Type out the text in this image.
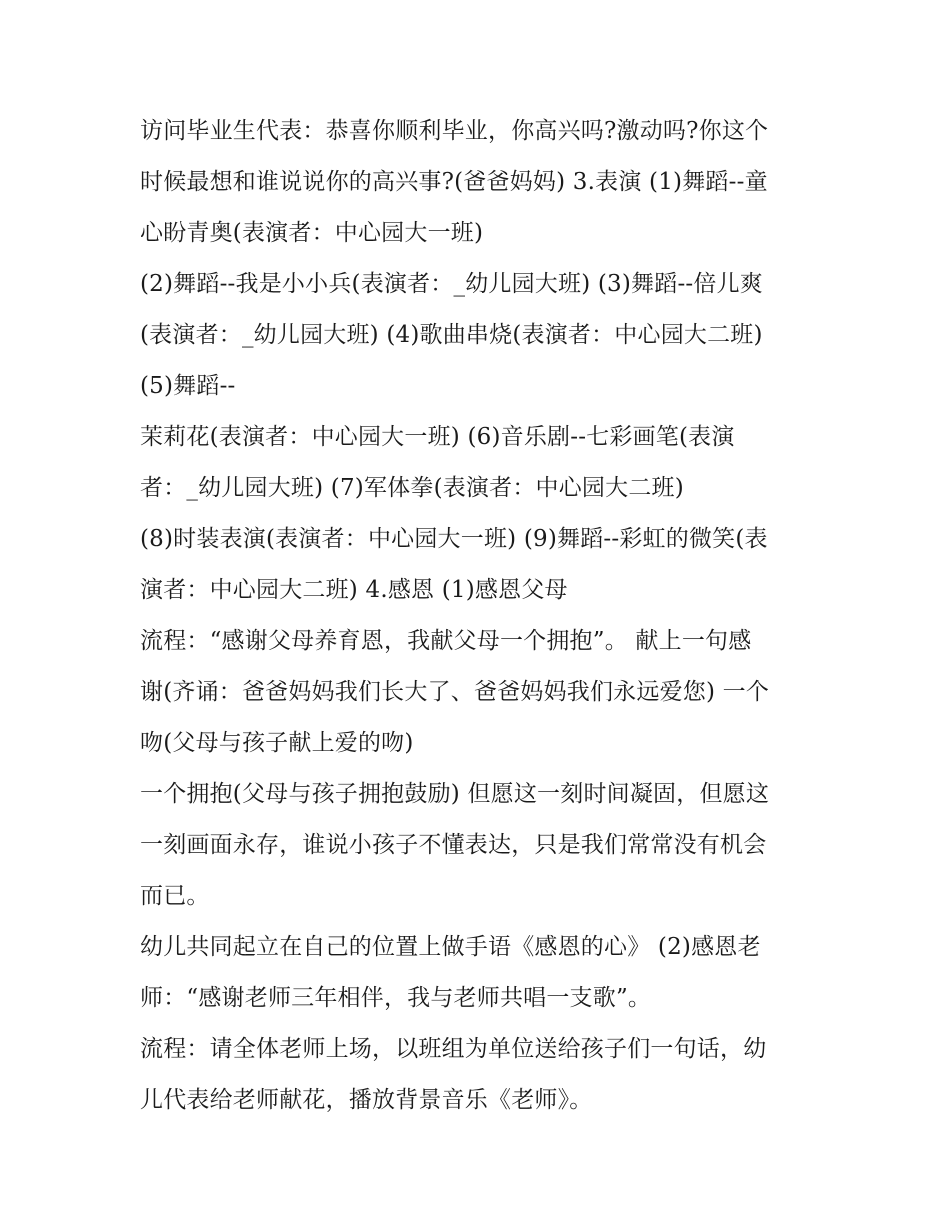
访问毕业生代表：恭喜你顺利毕业，你高兴吗?激动吗?你这个
时候最想和谁说说你的高兴事?(爸爸妈妈) 3.表演 (1)舞蹈--童
心盼青奥(表演者：中心园大一班)
(2)舞蹈--我是小小兵(表演者：_幼儿园大班) (3)舞蹈--倍儿爽
(表演者：_幼儿园大班) (4)歌曲串烧(表演者：中心园大二班)
(5)舞蹈--
茉莉花(表演者：中心园大一班) (6)音乐剧--七彩画笔(表演
者：_幼儿园大班) (7)军体拳(表演者：中心园大二班)
(8)时装表演(表演者：中心园大一班) (9)舞蹈--彩虹的微笑(表
演者：中心园大二班) 4.感恩 (1)感恩父母
流程：“感谢父母养育恩，我献父母一个拥抱”。 献上一句感
谢(齐诵：爸爸妈妈我们长大了、爸爸妈妈我们永远爱您) 一个
吻(父母与孩子献上爱的吻)
一个拥抱(父母与孩子拥抱鼓励) 但愿这一刻时间凝固，但愿这
一刻画面永存，谁说小孩子不懂表达，只是我们常常没有机会
而已。
幼儿共同起立在自己的位置上做手语《感恩的心》 (2)感恩老
师：“感谢老师三年相伴，我与老师共唱一支歌”。
流程：请全体老师上场，以班组为单位送给孩子们一句话，幼
儿代表给老师献花，播放背景音乐《老师》。
